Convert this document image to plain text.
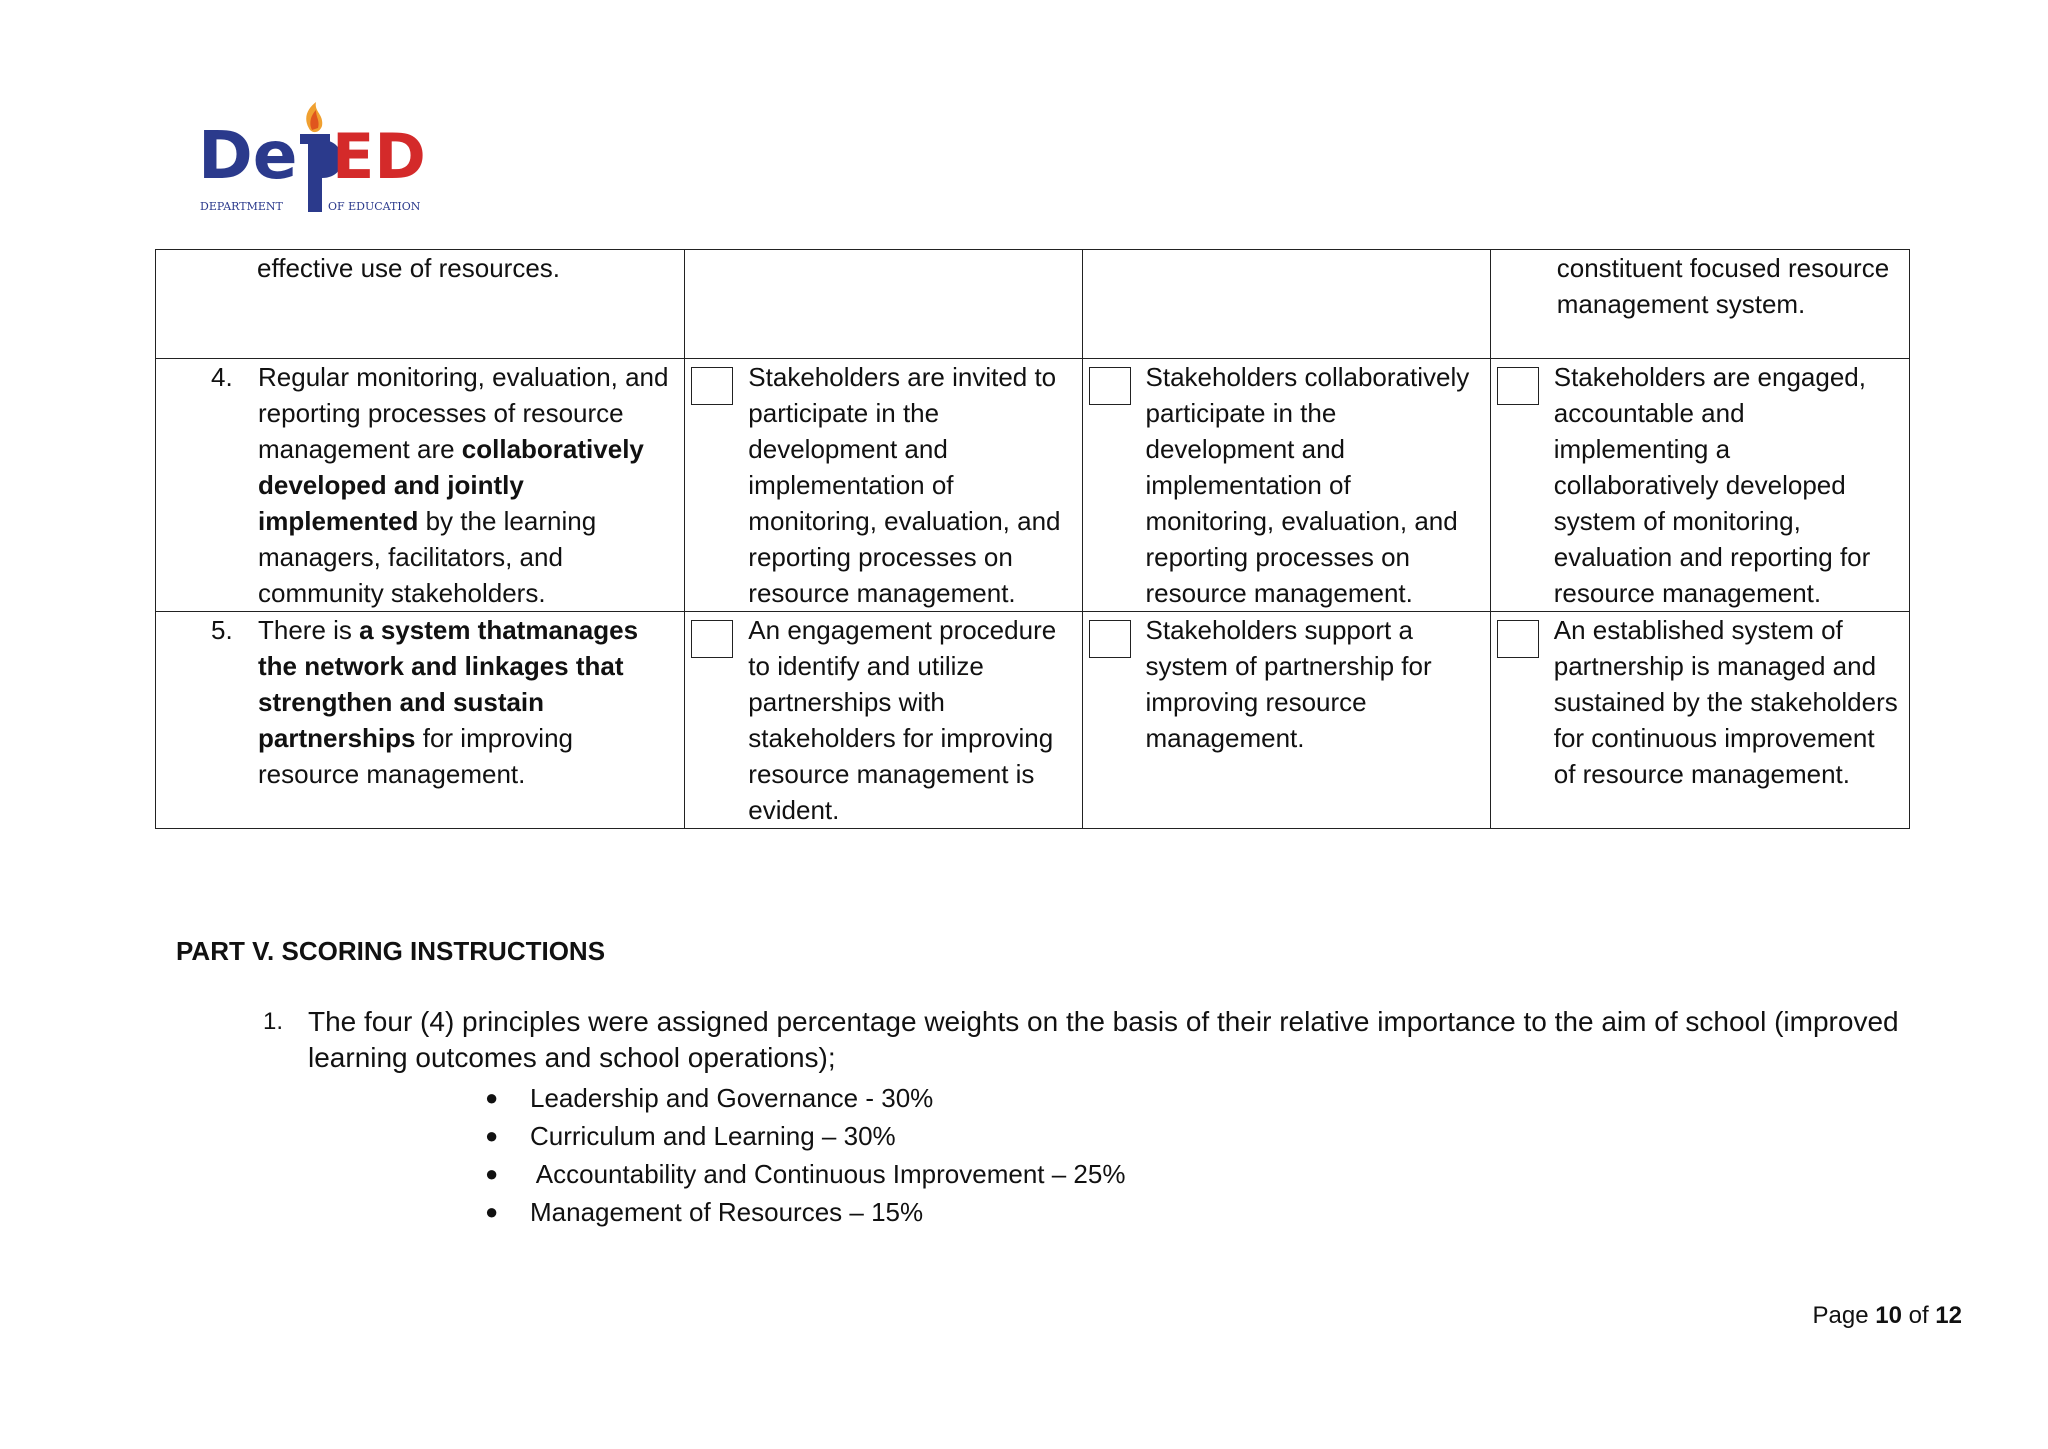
De ED
DEPARTMENT	OF EDUCATION
effective use of resources.			constituent focused resource management system.

4. Regular monitoring, evaluation, and reporting processes of resource management are collaboratively developed and jointly implemented by the learning managers, facilitators, and community stakeholders.	Stakeholders are invited to participate in the development and implementation of monitoring, evaluation, and reporting processes on resource management.	Stakeholders collaboratively participate in the development and implementation of monitoring, evaluation, and reporting processes on resource management.	Stakeholders are engaged, accountable and implementing a collaboratively developed system of monitoring, evaluation and reporting for resource management.

5. There is a system thatmanages the network and linkages that strengthen and sustain partnerships for improving resource management.	An engagement procedure to identify and utilize partnerships with stakeholders for improving resource management is evident.	Stakeholders support a system of partnership for improving resource management.	An established system of partnership is managed and sustained by the stakeholders for continuous improvement of resource management.
PART V. SCORING INSTRUCTIONS
1. The four (4) principles were assigned percentage weights on the basis of their relative importance to the aim of school (improved learning outcomes and school operations);
●	Leadership and Governance - 30%
●	Curriculum and Learning – 30%
●	Accountability and Continuous Improvement – 25%
●	Management of Resources – 15%
Page 10 of 12
